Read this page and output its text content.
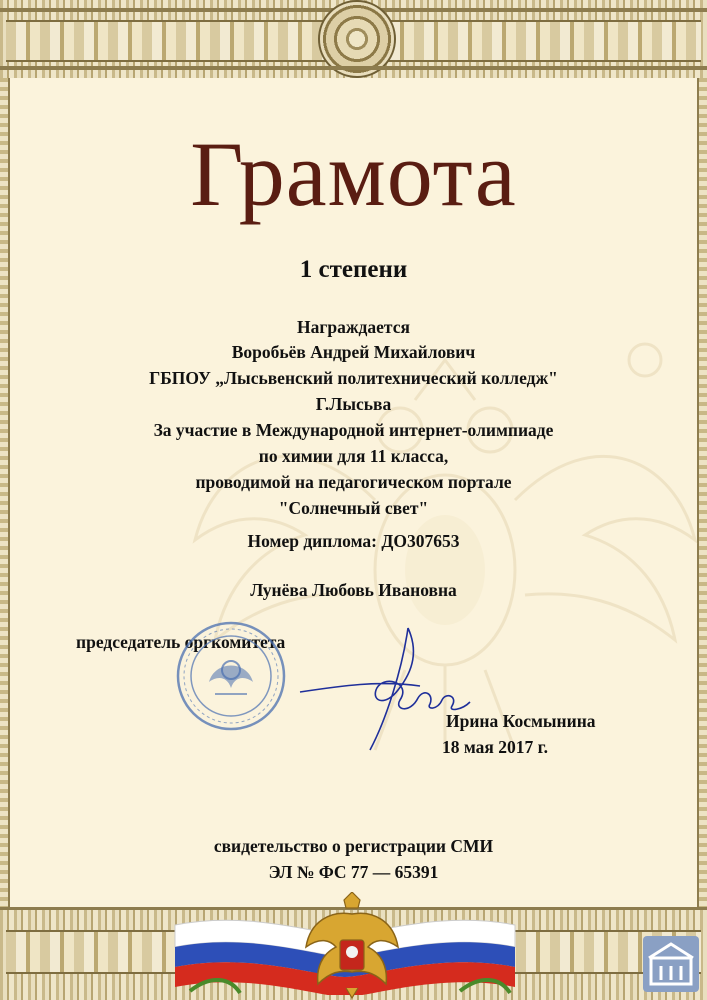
Грамота
1 степени
Награждается
Воробьёв Андрей Михайлович
ГБПОУ „Лысьвенский политехнический колледж"
Г.Лысьва
За участие в Международной интернет-олимпиаде
по химии для 11 класса,
проводимой на педагогическом портале
"Солнечный свет"
Номер диплома: ДО307653
Лунёва Любовь Ивановна
председатель оргкомитета
Ирина Космынина
18 мая 2017 г.
свидетельство о регистрации СМИ
ЭЛ № ФС 77 — 65391
